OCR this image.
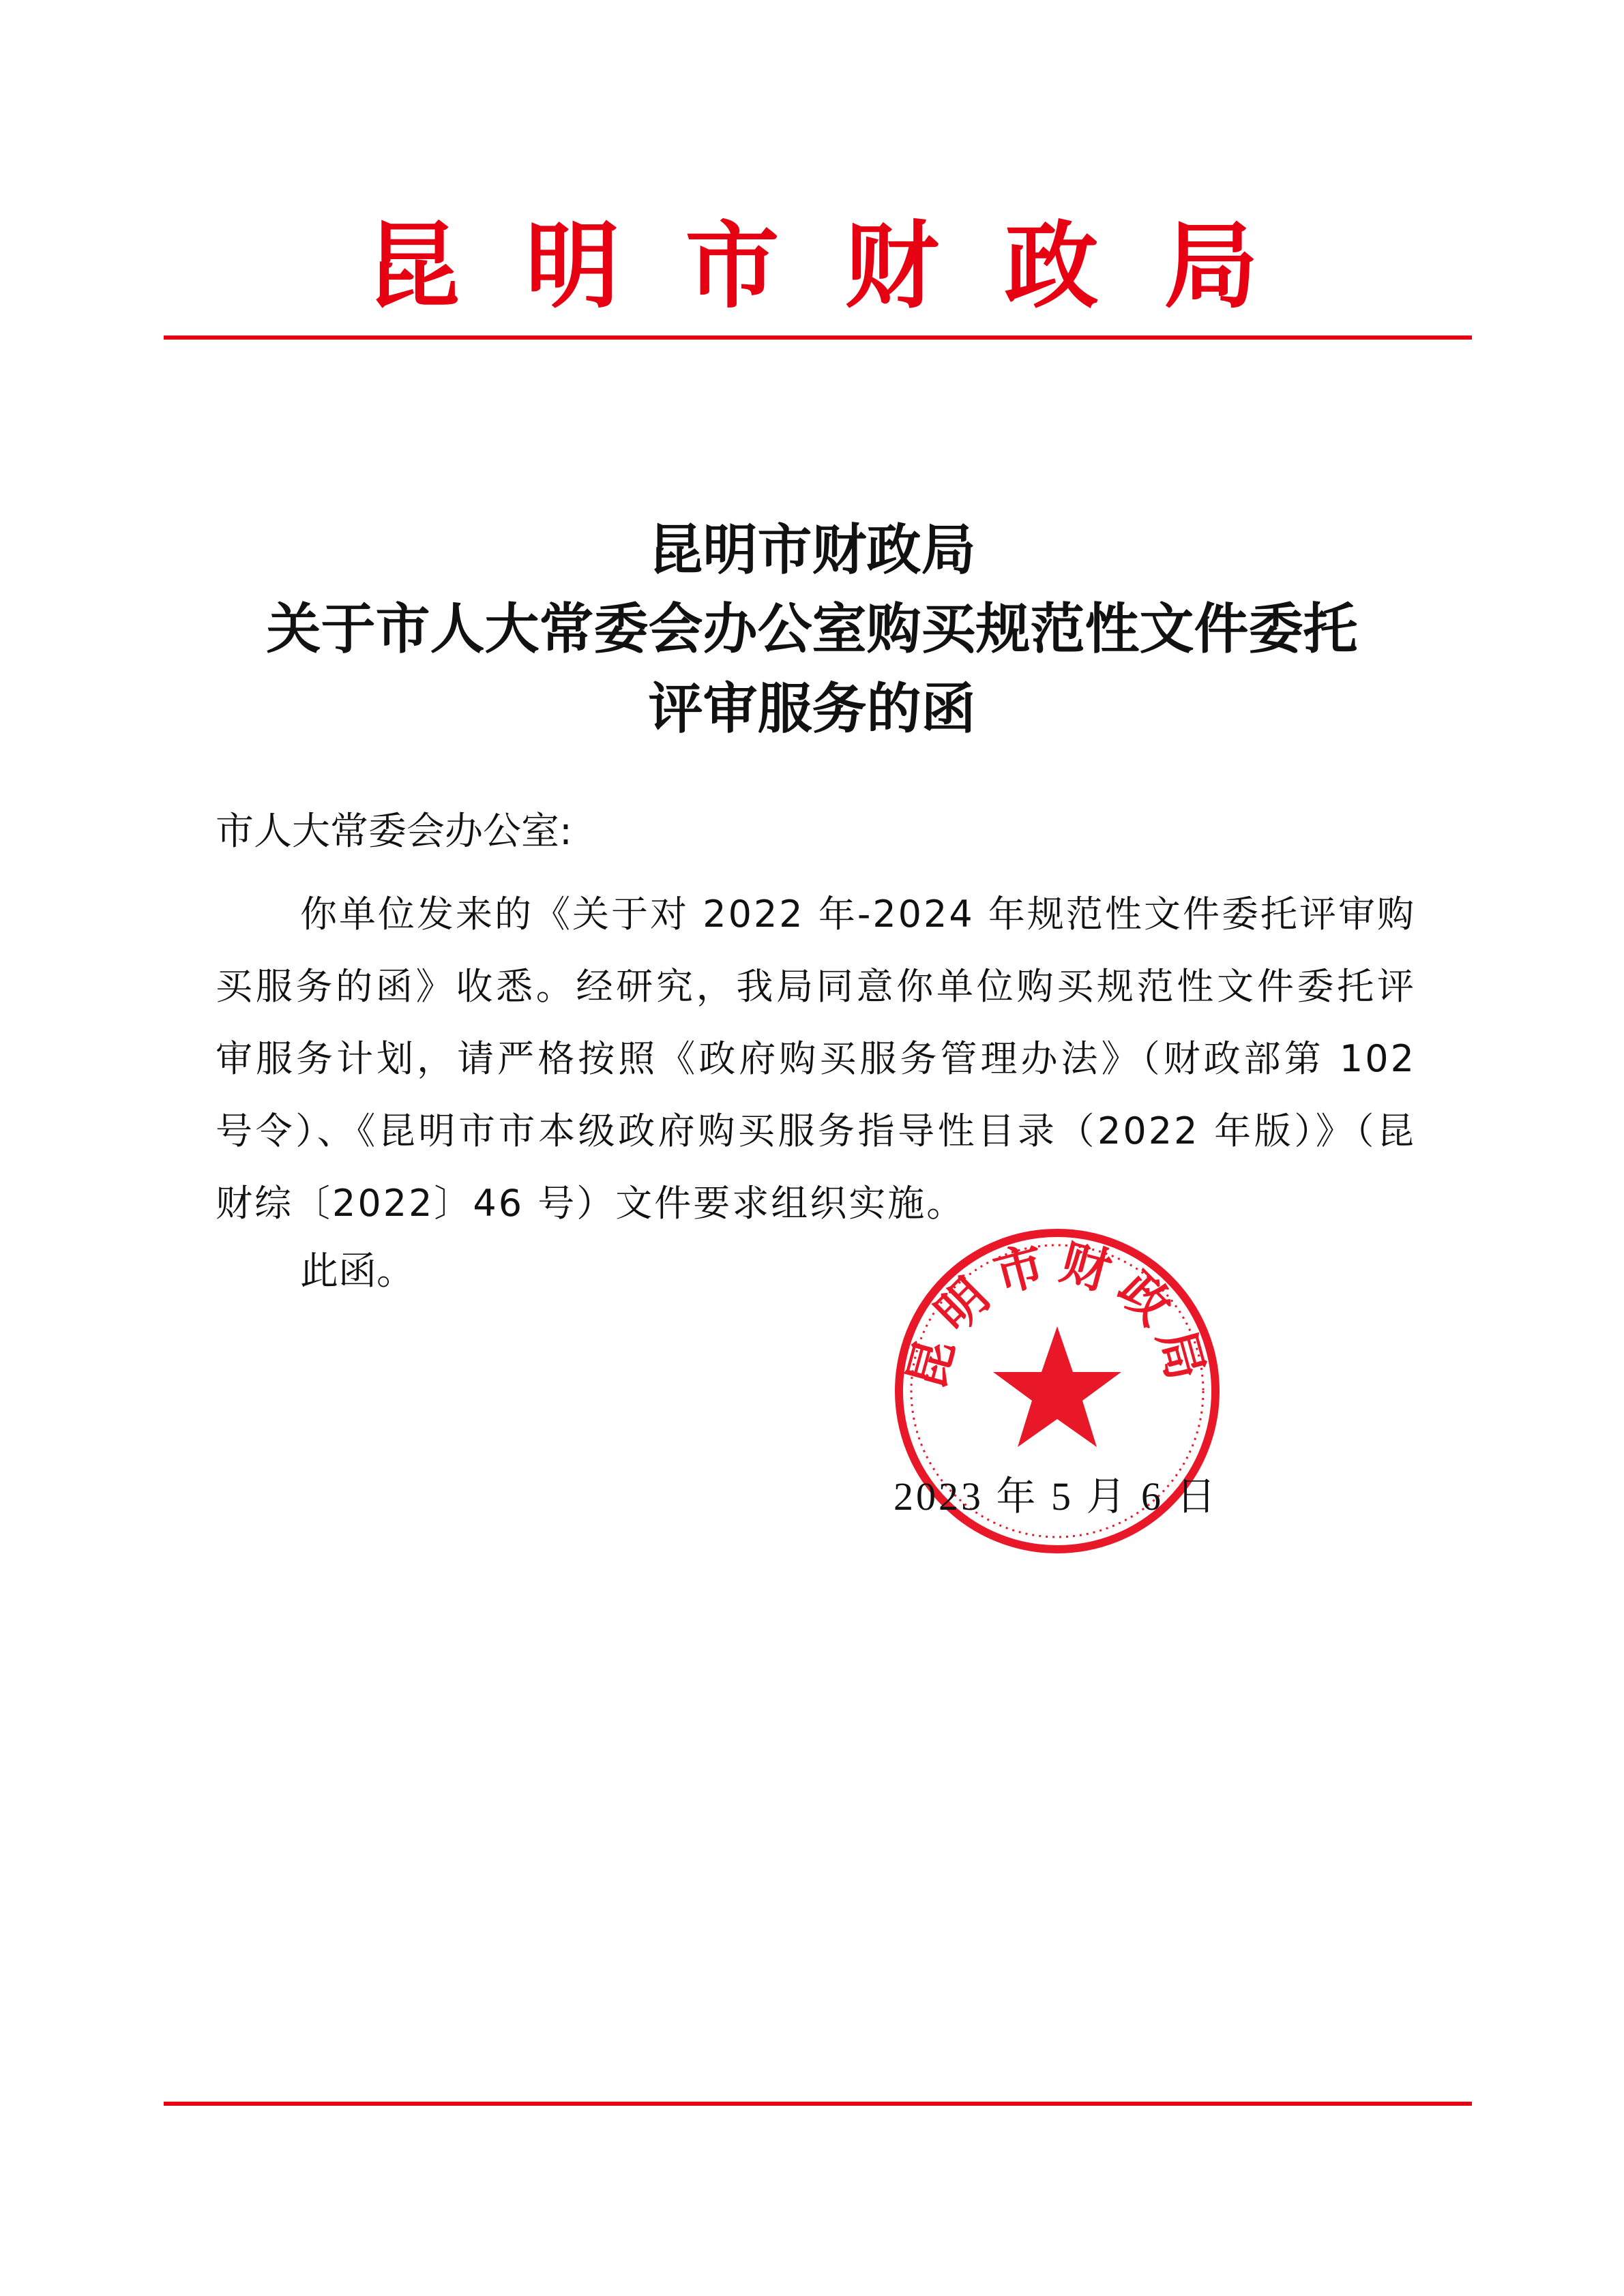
昆明市财政局
昆明市财政局
关于市人大常委会办公室购买规范性文件委托
评审服务的函
市人大常委会办公室:
你单位发来的《关于对 2022 年-2024 年规范性文件委托评审购买服务的函》收悉。经研究，我局同意你单位购买规范性文件委托评审服务计划，请严格按照《政府购买服务管理办法》（财政部第 102 号令）、《昆明市市本级政府购买服务指导性目录（2022 年版）》（昆财综〔2022〕46 号）文件要求组织实施。
此函。
昆明市财政局
2023 年 5 月 6 日
